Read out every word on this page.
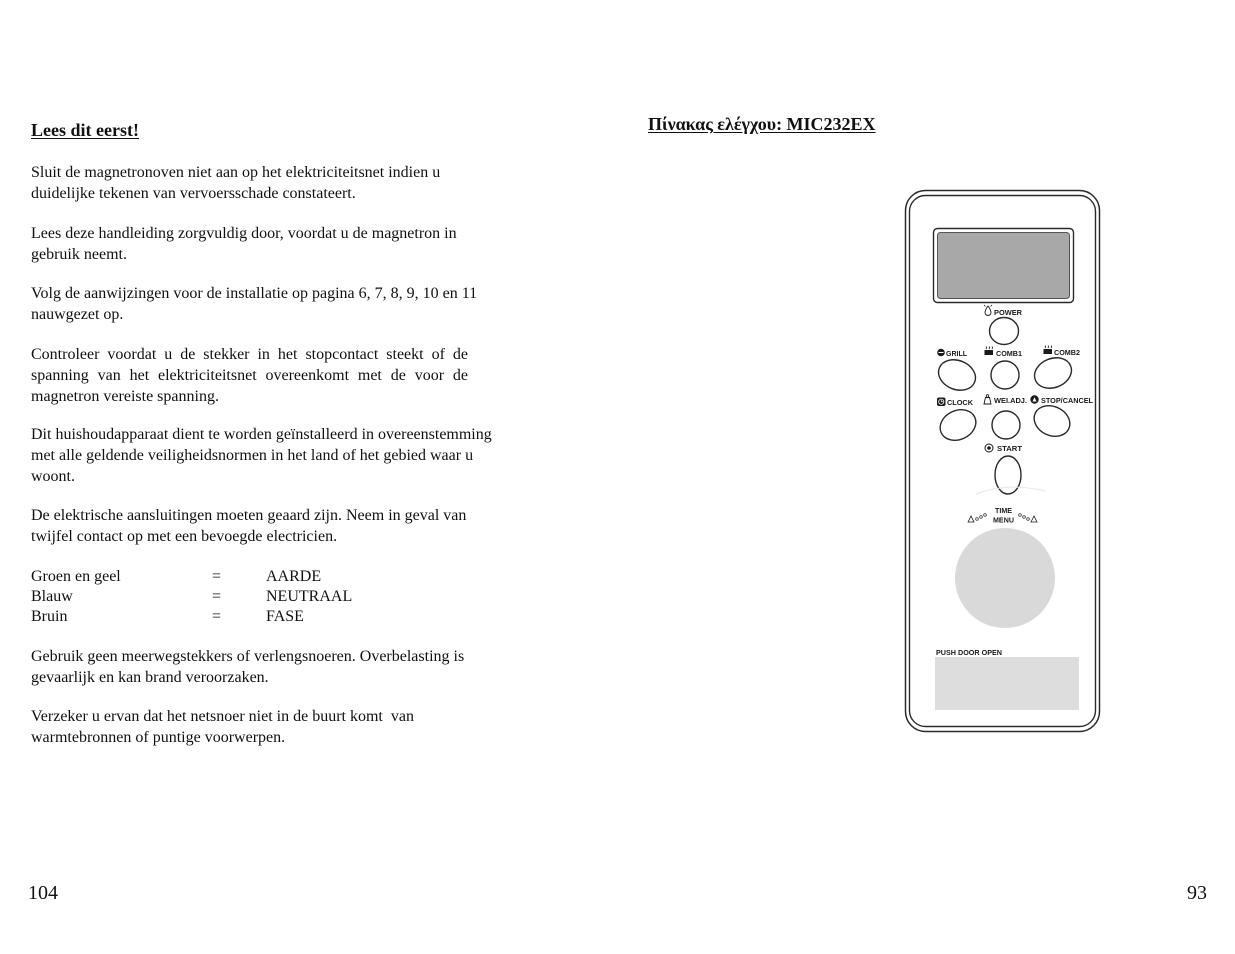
Lees dit eerst!

Sluit de magnetronoven niet aan op het elektriciteitsnet indien u
duidelijke tekenen van vervoersschade constateert.

Lees deze handleiding zorgvuldig door, voordat u de magnetron in
gebruik neemt.

Volg de aanwijzingen voor de installatie op pagina 6, 7, 8, 9, 10 en 11
nauwgezet op.

Controleer voordat u de stekker in het stopcontact steekt of de
spanning van het elektriciteitsnet overeenkomt met de voor de
magnetron vereiste spanning.

Dit huishoudapparaat dient te worden geïnstalleerd in overeenstemming
met alle geldende veiligheidsnormen in het land of het gebied waar u
woont.

De elektrische aansluitingen moeten geaard zijn. Neem in geval van
twijfel contact op met een bevoegde electricien.

Groen en geel	=	AARDE
Blauw	=	NEUTRAAL
Bruin	=	FASE

Gebruik geen meerwegstekkers of verlengsnoeren. Overbelasting is
gevaarlijk en kan brand veroorzaken.

Verzeker u ervan dat het netsnoer niet in de buurt komt  van
warmtebronnen of puntige voorwerpen.

104
Πίνακας ελέγχου: MIC232EX
POWER
GRILL	COMB1	COMB2
CLOCK	WEI.ADJ. STOP/CANCEL
START
TIME
MENU
PUSH DOOR OPEN
93
